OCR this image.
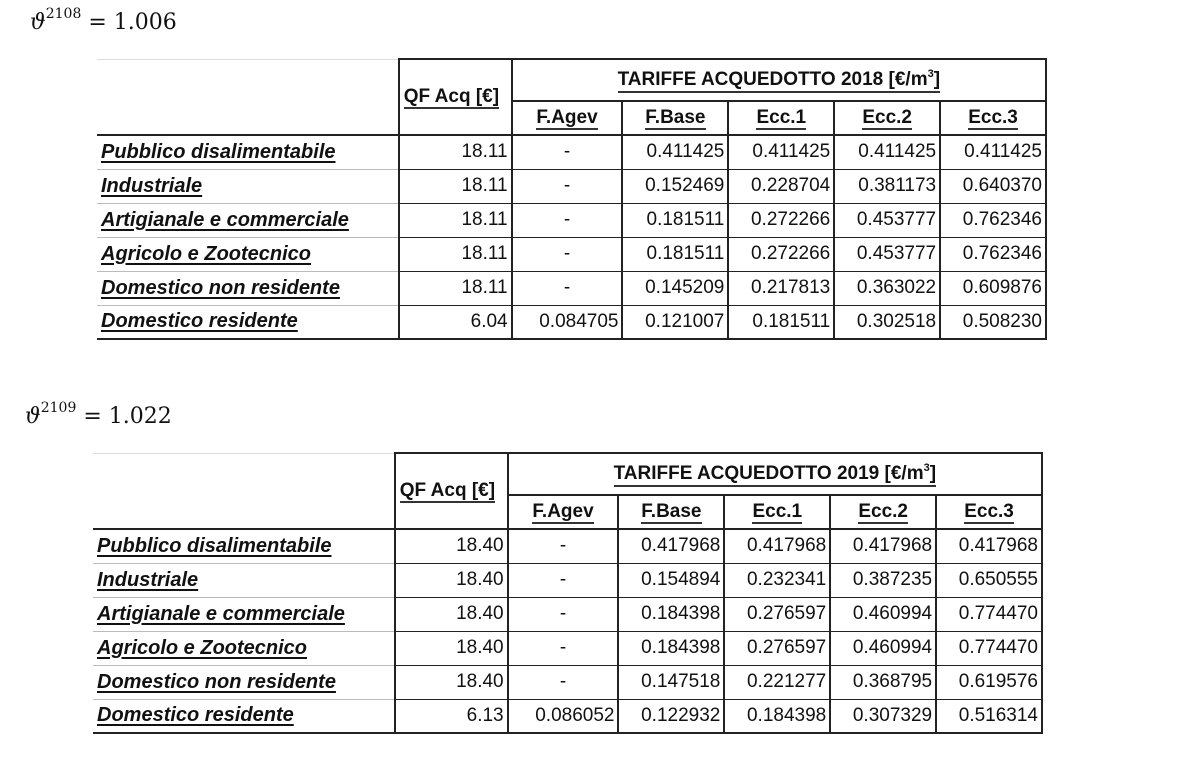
$ϑ^{2108} = 1.006$
	QF Acq [€]	TARIFFE ACQUEDOTTO 2018 $[€/m^3]$				
		F.Agev	F.Base	Ecc.1	Ecc.2	Ecc.3
Pubblico disalimentabile	18.11	-	0.411425	0.411425	0.411425	0.411425
Industriale	18.11	-	0.152469	0.228704	0.381173	0.640370
Artigianale e commerciale	18.11	-	0.181511	0.272266	0.453777	0.762346
Agricolo e Zootecnico	18.11	-	0.181511	0.272266	0.453777	0.762346
Domestico non residente	18.11	-	0.145209	0.217813	0.363022	0.609876
Domestico residente	6.04	0.084705	0.121007	0.181511	0.302518	0.508230
$ϑ^{2109} = 1.022$
	QF Acq [€]	TARIFFE ACQUEDOTTO 2019 $[€/m^3]$				
		F.Agev	F.Base	Ecc.1	Ecc.2	Ecc.3
Pubblico disalimentabile	18.40	-	0.417968	0.417968	0.417968	0.417968
Industriale	18.40	-	0.154894	0.232341	0.387235	0.650555
Artigianale e commerciale	18.40	-	0.184398	0.276597	0.460994	0.774470
Agricolo e Zootecnico	18.40	-	0.184398	0.276597	0.460994	0.774470
Domestico non residente	18.40	-	0.147518	0.221277	0.368795	0.619576
Domestico residente	6.13	0.086052	0.122932	0.184398	0.307329	0.516314
